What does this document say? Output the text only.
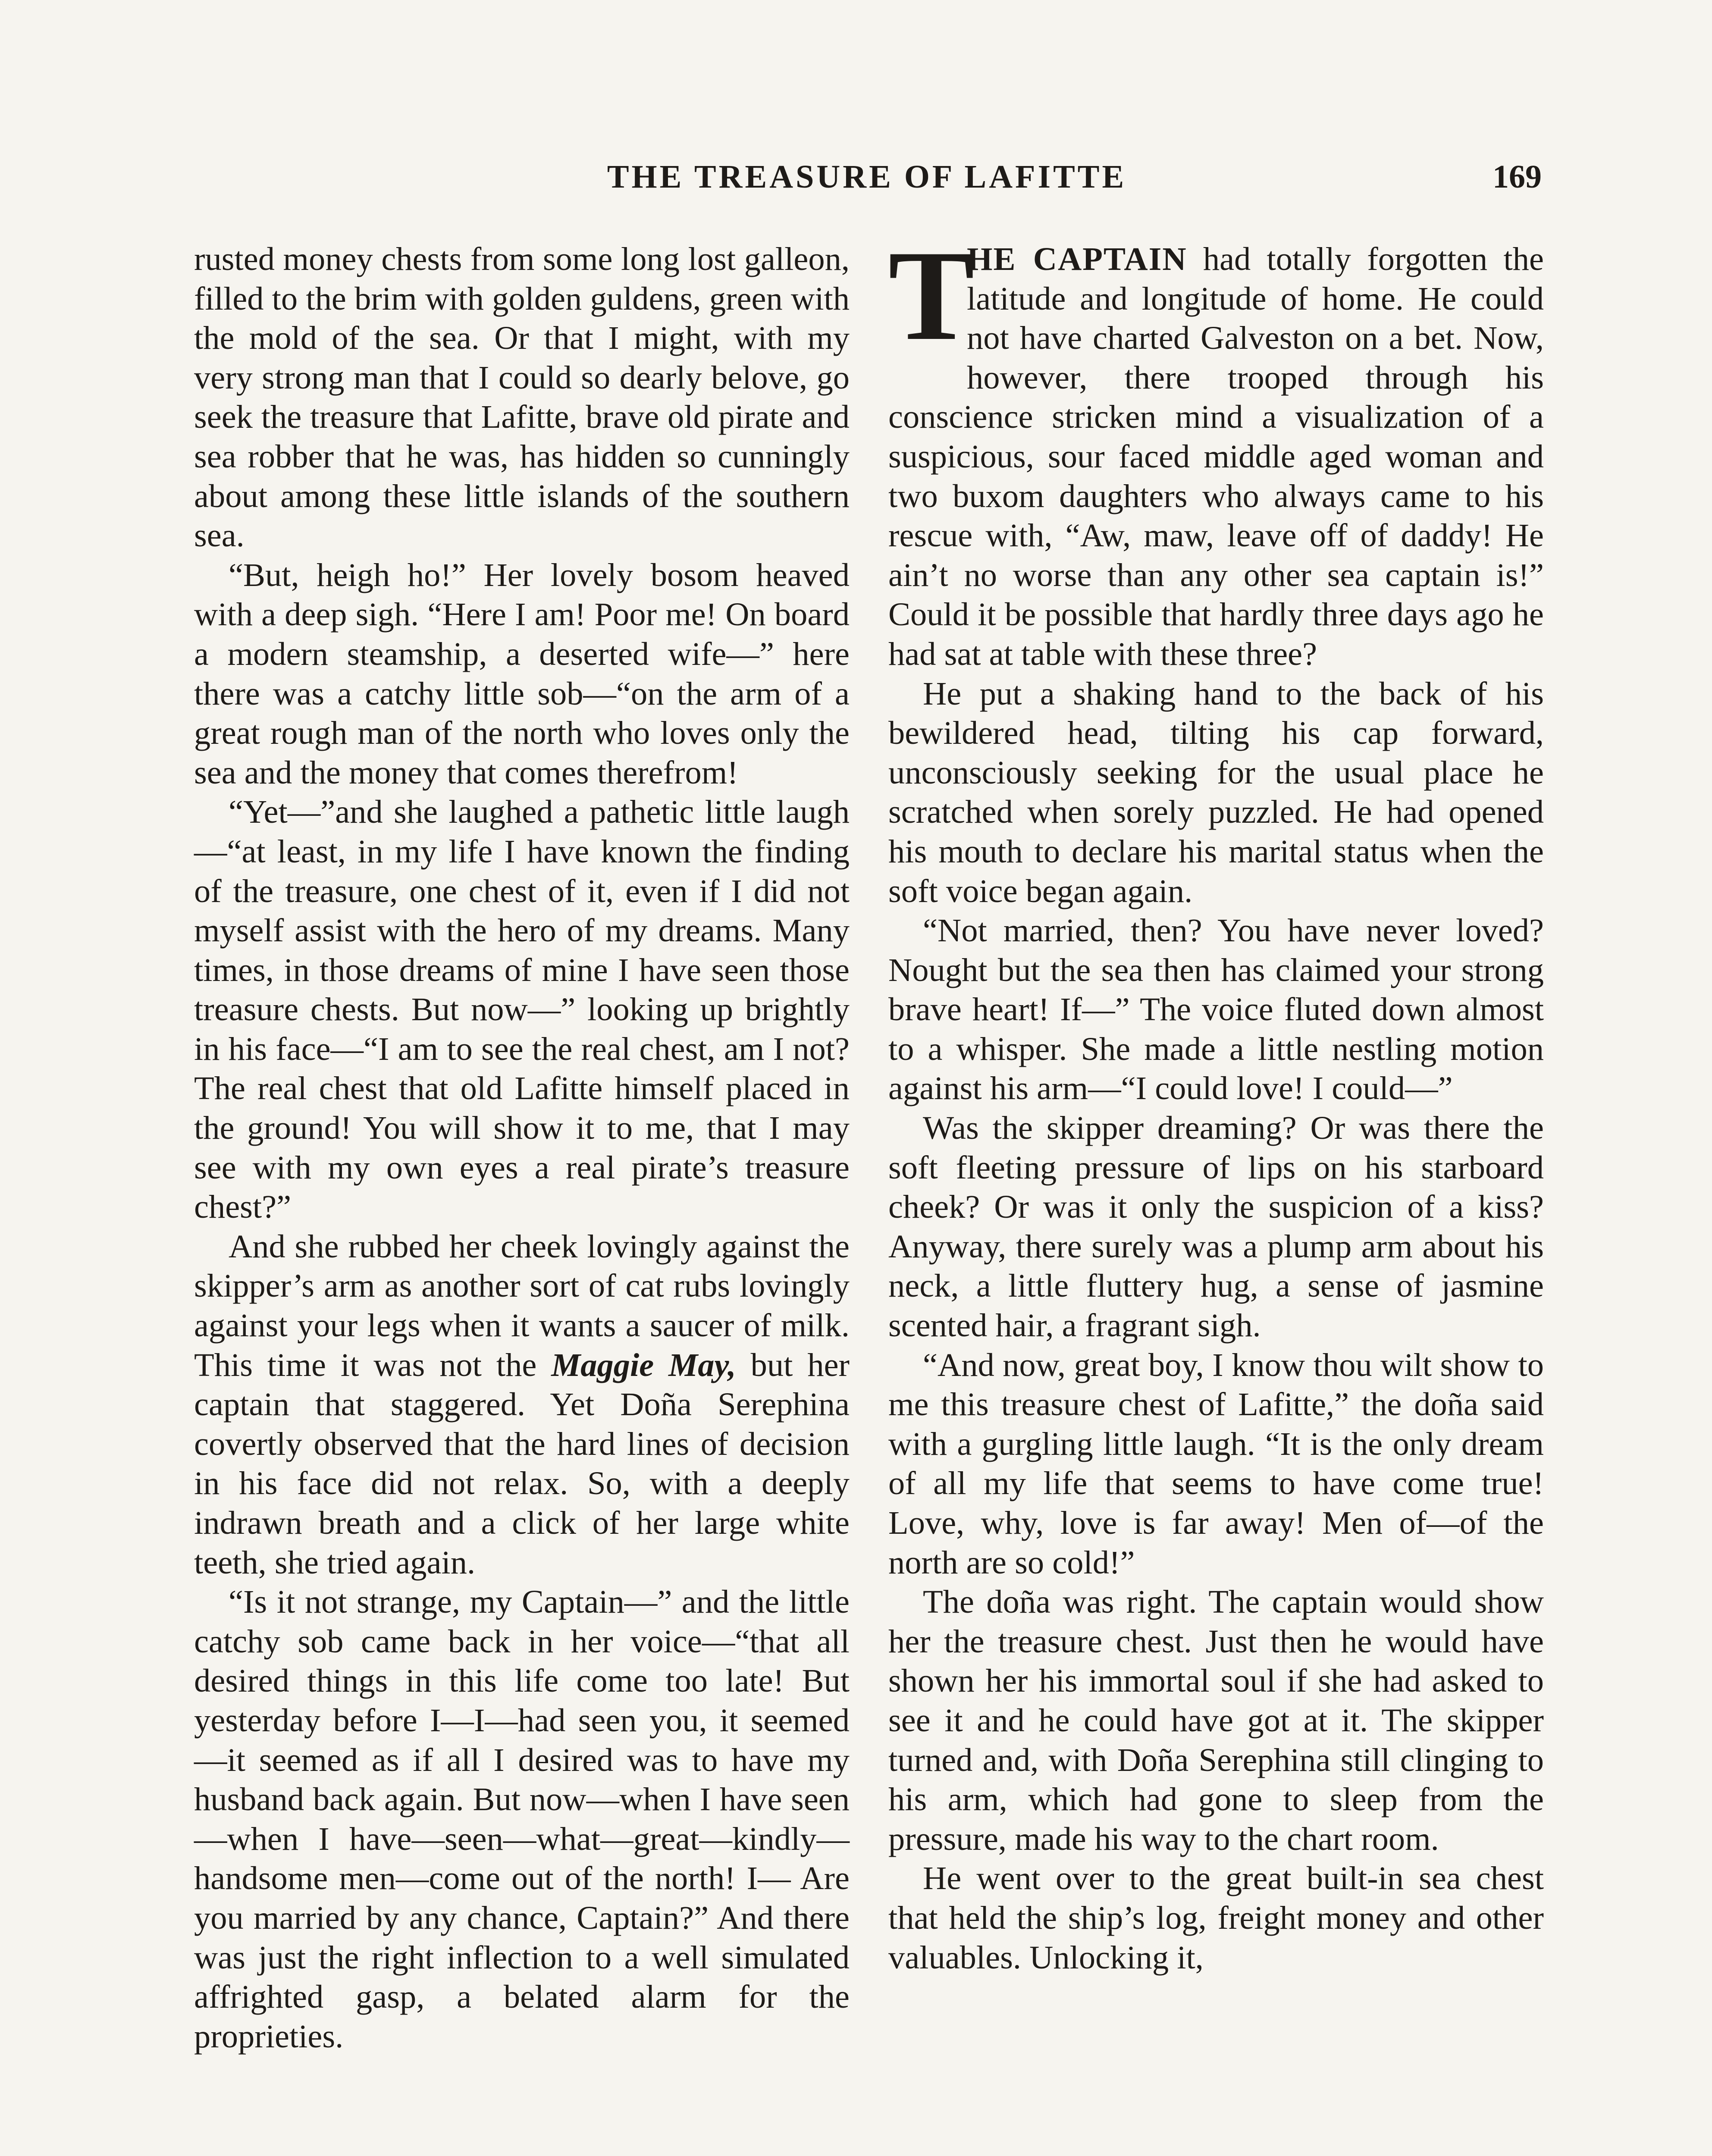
THE TREASURE OF LAFITTE	169

rusted money chests from some long lost galleon, filled to the brim with golden guldens, green with the mold of the sea. Or that I might, with my very strong man that I could so dearly belove, go seek the treasure that Lafitte, brave old pirate and sea robber that he was, has hidden so cunningly about among these little islands of the southern sea.

“But, heigh ho!” Her lovely bosom heaved with a deep sigh. “Here I am! Poor me! On board a modern steamship, a deserted wife—” here there was a catchy little sob—“on the arm of a great rough man of the north who loves only the sea and the money that comes therefrom!

“Yet—”and she laughed a pathetic little laugh—“at least, in my life I have known the finding of the treasure, one chest of it, even if I did not myself assist with the hero of my dreams. Many times, in those dreams of mine I have seen those treasure chests. But now—” looking up brightly in his face—“I am to see the real chest, am I not? The real chest that old Lafitte himself placed in the ground! You will show it to me, that I may see with my own eyes a real pirate’s treasure chest?”

And she rubbed her cheek lovingly against the skipper’s arm as another sort of cat rubs lovingly against your legs when it wants a saucer of milk. This time it was not the Maggie May, but her captain that staggered. Yet Doña Serephina covertly observed that the hard lines of decision in his face did not relax. So, with a deeply indrawn breath and a click of her large white teeth, she tried again.

“Is it not strange, my Captain—” and the little catchy sob came back in her voice—“that all desired things in this life come too late! But yesterday before I—I—had seen you, it seemed—it seemed as if all I desired was to have my husband back again. But now—when I have seen —when I have—seen—what—great—kindly—handsome men—come out of the north! I— Are you married by any chance, Captain?” And there was just the right inflection to a well simulated affrighted gasp, a belated alarm for the proprieties.

T
HE CAPTAIN had totally forgotten the latitude and longitude of home. He could not have charted Galveston on a bet. Now, however, there trooped through his conscience stricken mind a visualization of a suspicious, sour faced middle aged woman and two buxom daughters who always came to his rescue with, “Aw, maw, leave off of daddy! He ain’t no worse than any other sea captain is!” Could it be possible that hardly three days ago he had sat at table with these three?

He put a shaking hand to the back of his bewildered head, tilting his cap forward, unconsciously seeking for the usual place he scratched when sorely puzzled. He had opened his mouth to declare his marital status when the soft voice began again.

“Not married, then? You have never loved? Nought but the sea then has claimed your strong brave heart! If—” The voice fluted down almost to a whisper. She made a little nestling motion against his arm—“I could love! I could—”

Was the skipper dreaming? Or was there the soft fleeting pressure of lips on his starboard cheek? Or was it only the suspicion of a kiss? Anyway, there surely was a plump arm about his neck, a little fluttery hug, a sense of jasmine scented hair, a fragrant sigh.

“And now, great boy, I know thou wilt show to me this treasure chest of Lafitte,” the doña said with a gurgling little laugh. “It is the only dream of all my life that seems to have come true! Love, why, love is far away! Men of—of the north are so cold!”

The doña was right. The captain would show her the treasure chest. Just then he would have shown her his immortal soul if she had asked to see it and he could have got at it. The skipper turned and, with Doña Serephina still clinging to his arm, which had gone to sleep from the pressure, made his way to the chart room.

He went over to the great built-in sea chest that held the ship’s log, freight money and other valuables. Unlocking it,
